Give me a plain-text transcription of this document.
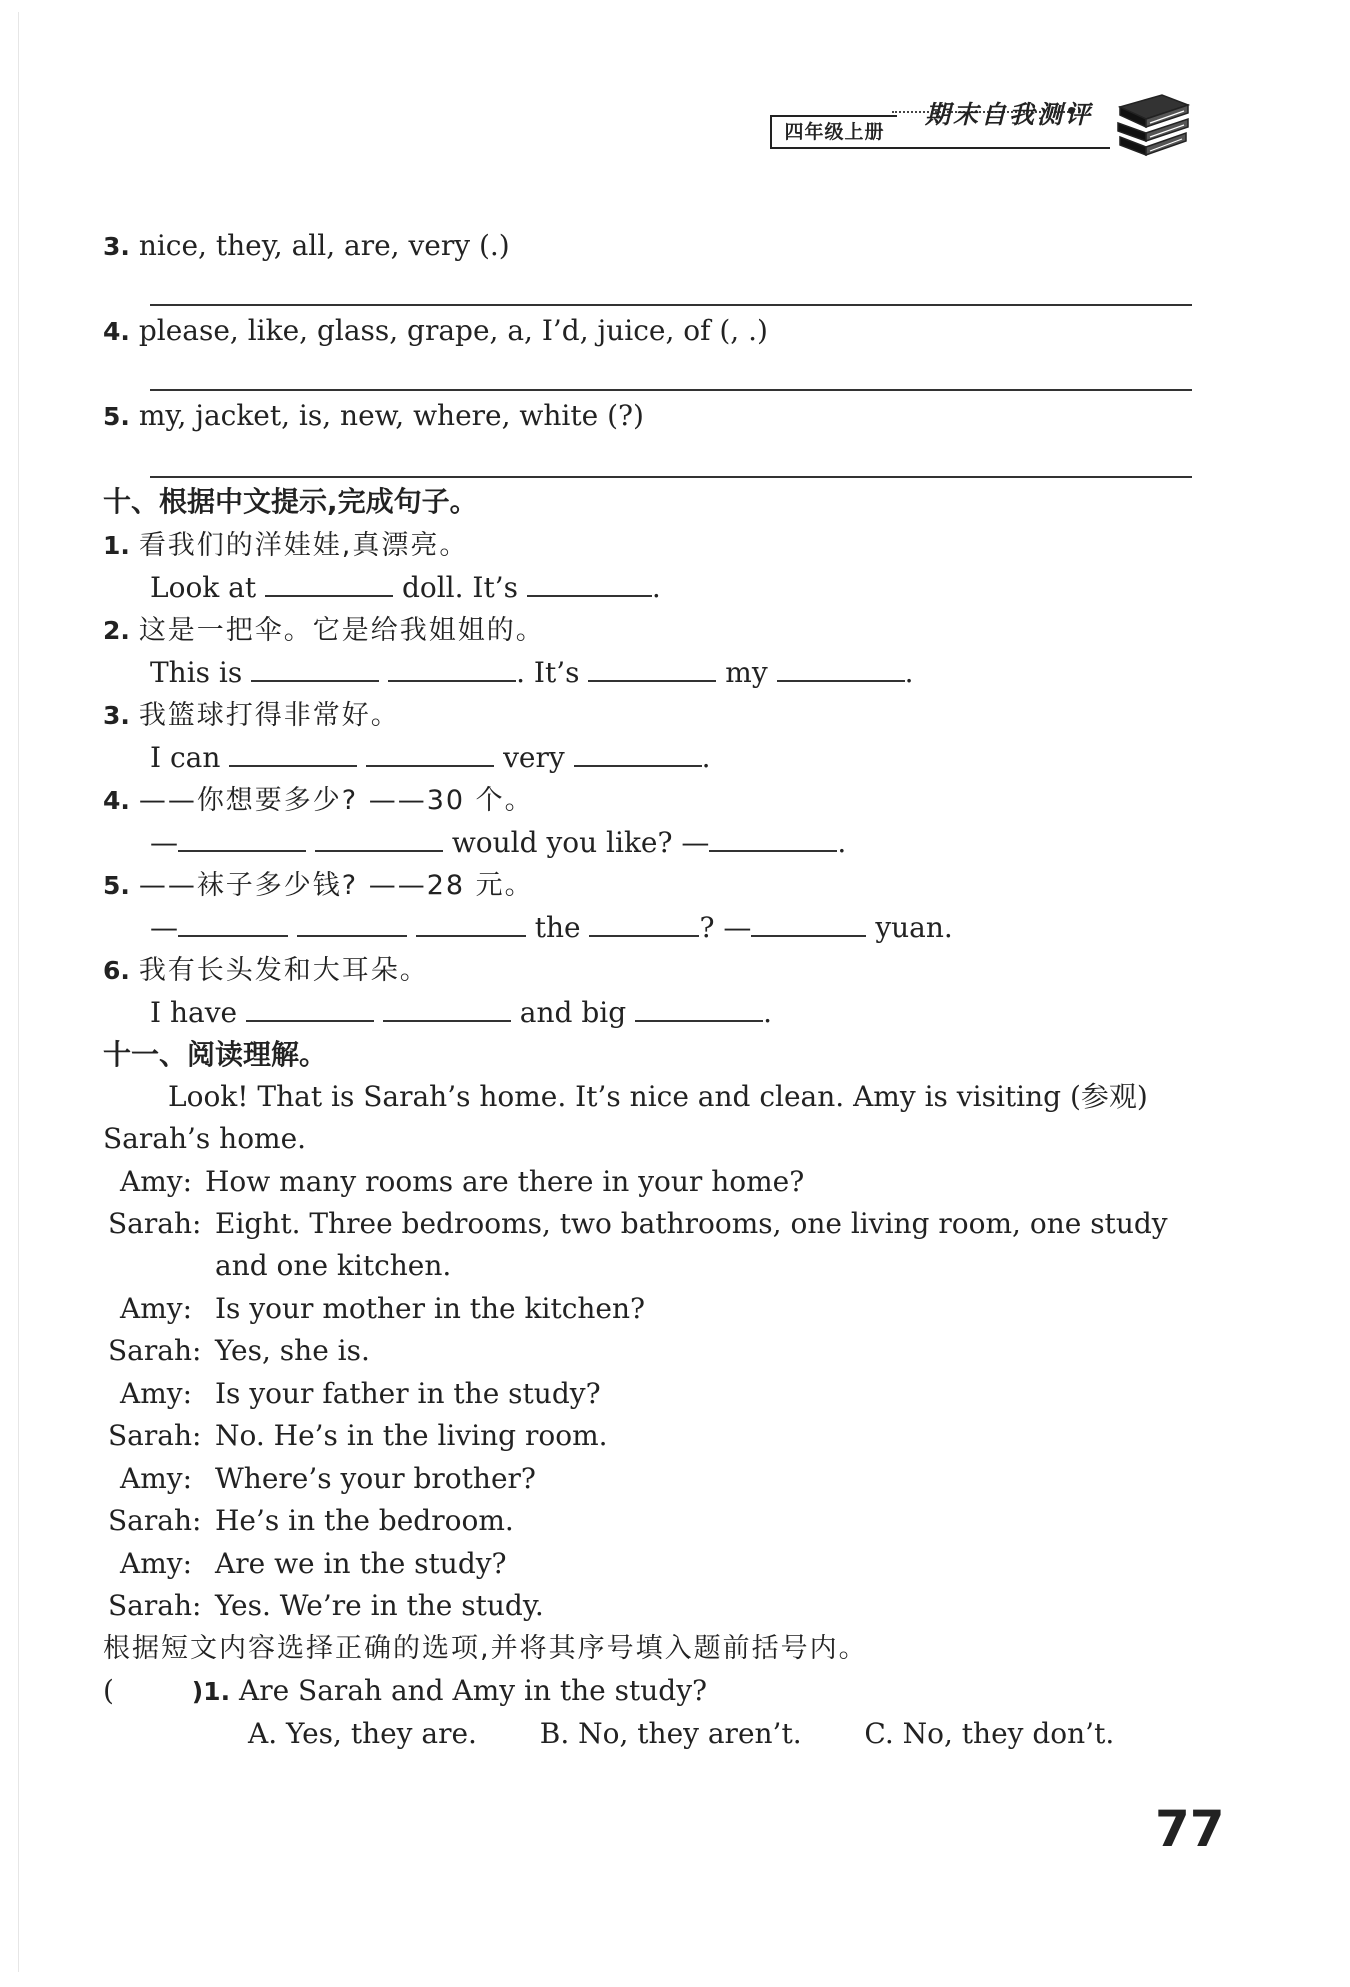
四年级上册
期末自我测评
3. nice, they, all, are, very (.)
4. please, like, glass, grape, a, I’d, juice, of (, .)
5. my, jacket, is, new, where, white (?)
十、根据中文提示,完成句子。
1. 看我们的洋娃娃,真漂亮。
Look at	doll. It’s	.
2. 这是一把伞。它是给我姐姐的。
This is	. It’s	my	.
3. 我篮球打得非常好。
I can	very	.
4. ——你想要多少? ——30 个。
—	would you like? —	.
5. ——袜子多少钱? ——28 元。
—	the	? —	yuan.
6. 我有长头发和大耳朵。
I have	and big	.
十一、阅读理解。
Look! That is Sarah’s home. It’s nice and clean. Amy is visiting (参观)
Sarah’s home.
Amy: How many rooms are there in your home?
Sarah: Eight. Three bedrooms, two bathrooms, one living room, one study
and one kitchen.
Amy: Is your mother in the kitchen?
Sarah: Yes, she is.
Amy: Is your father in the study?
Sarah: No. He’s in the living room.
Amy: Where’s your brother?
Sarah: He’s in the bedroom.
Amy: Are we in the study?
Sarah: Yes. We’re in the study.
根据短文内容选择正确的选项,并将其序号填入题前括号内。
(	)1. Are Sarah and Amy in the study?
A. Yes, they are. B. No, they aren’t. C. No, they don’t.
77
